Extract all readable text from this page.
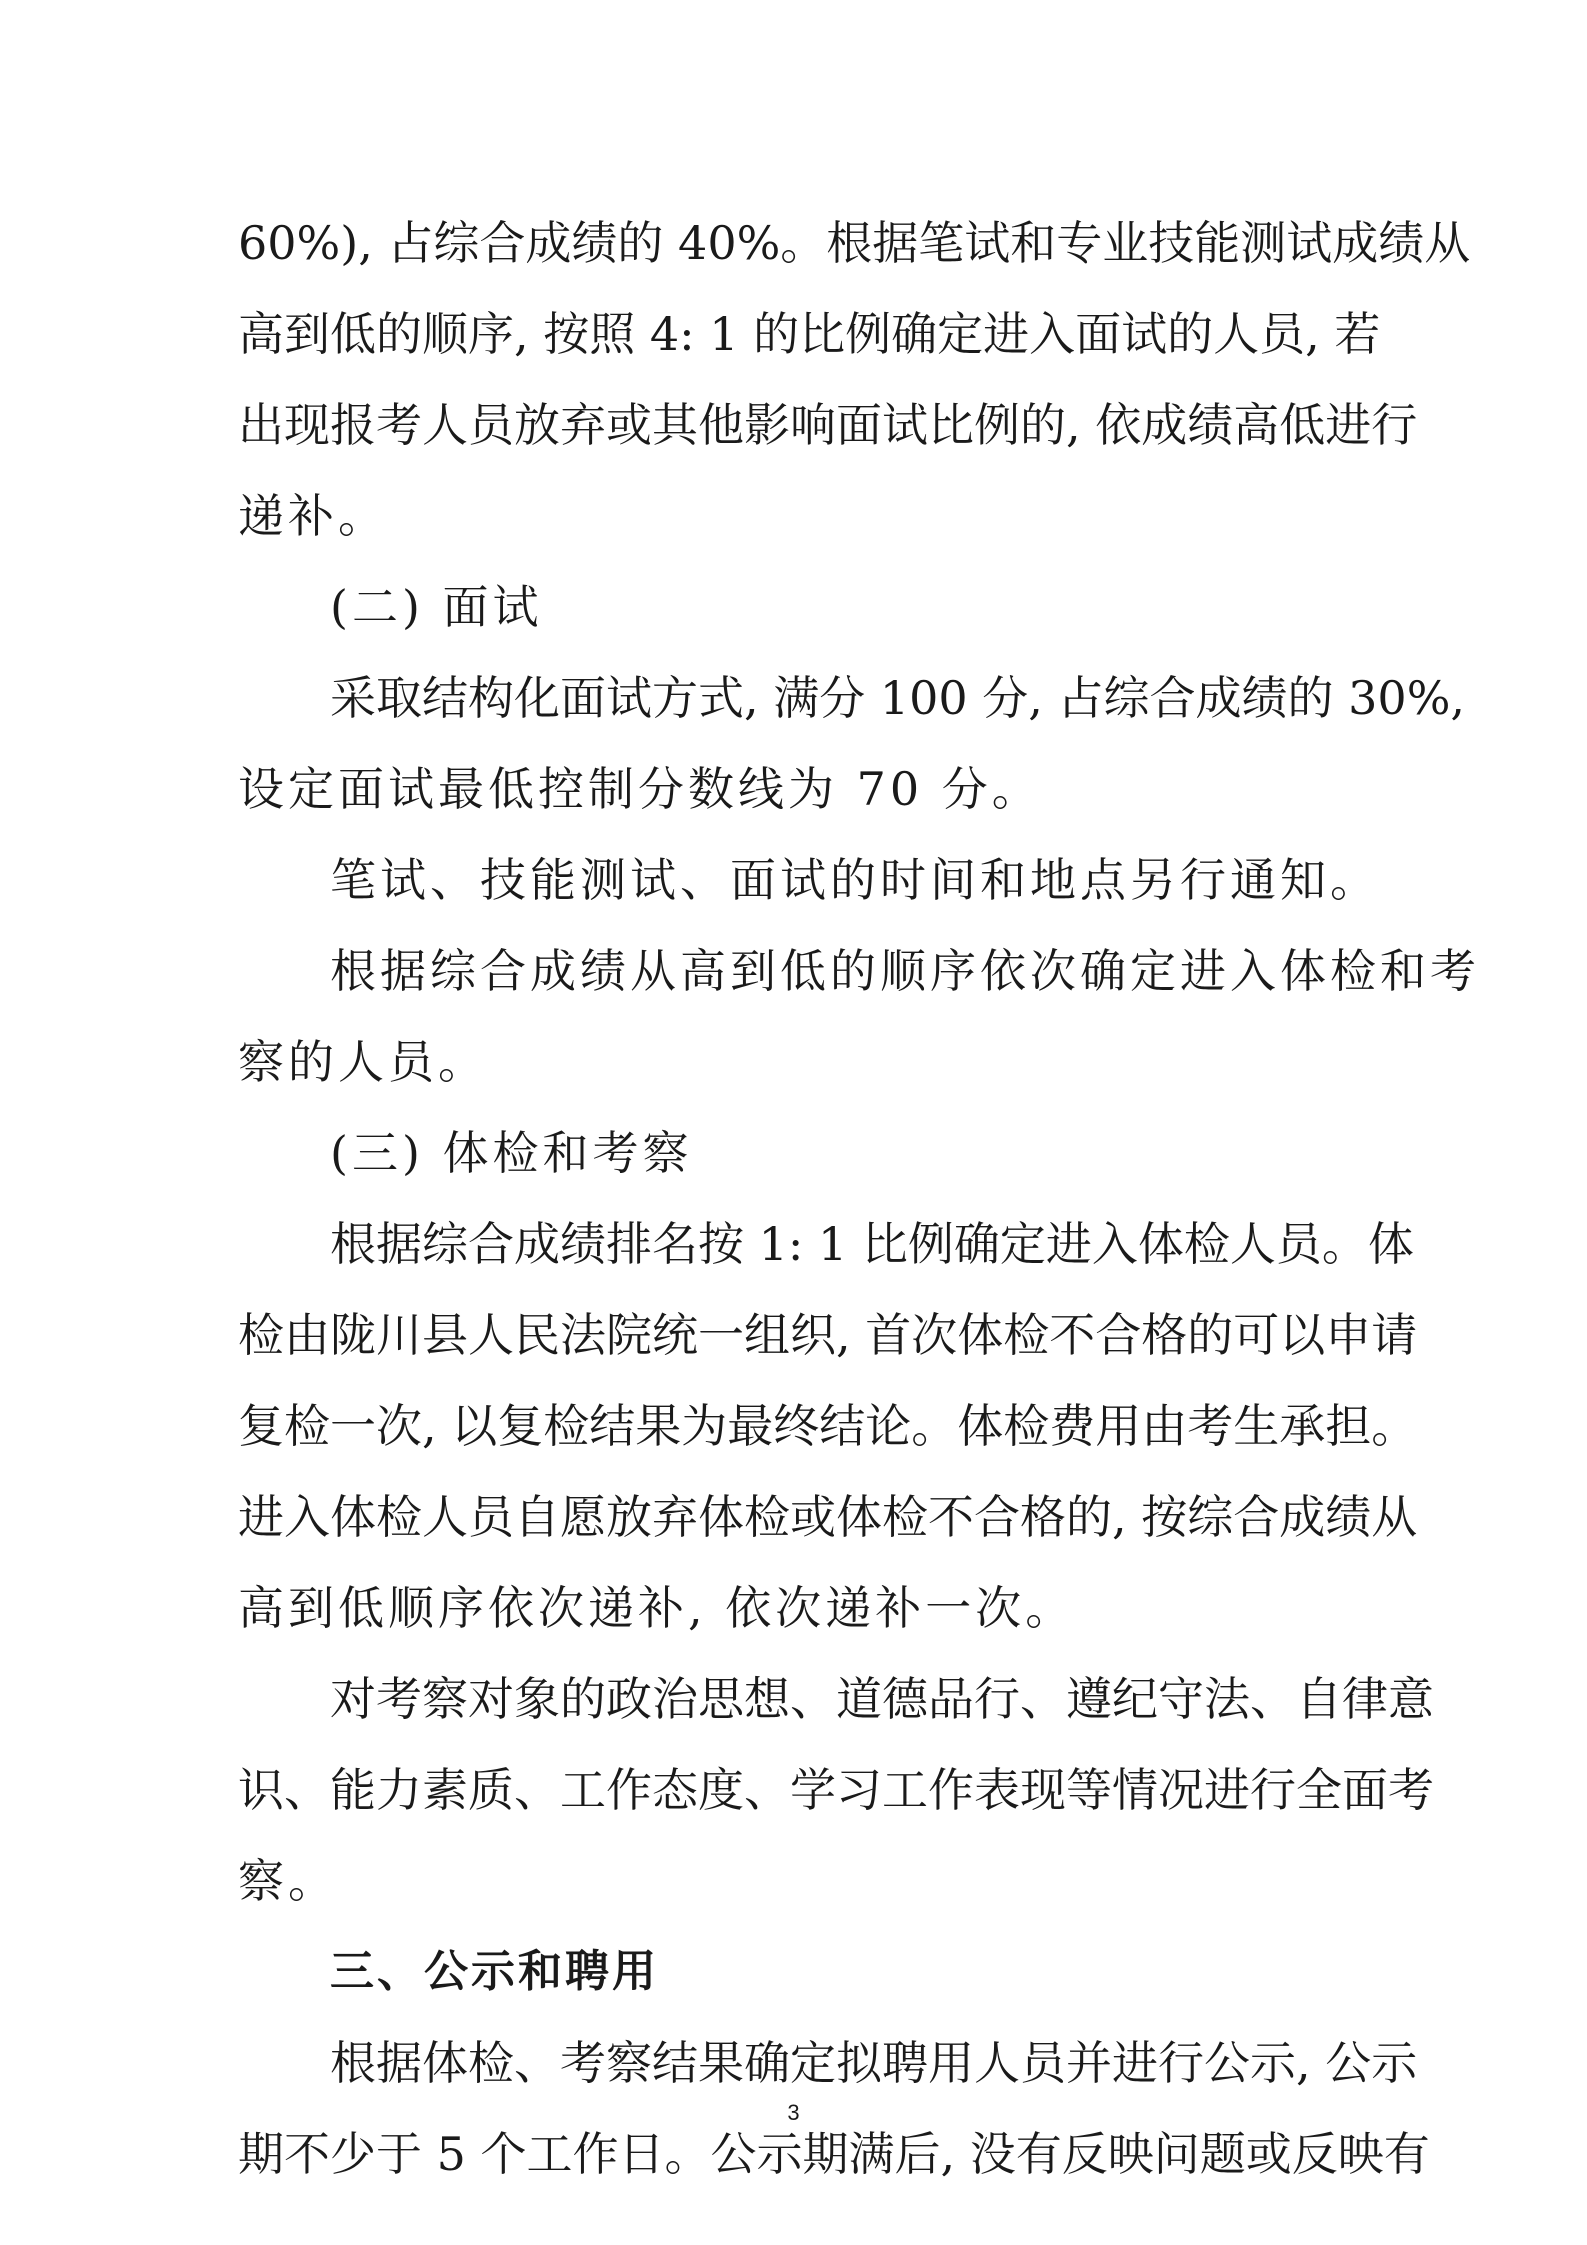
60%), 占综合成绩的 40%。根据笔试和专业技能测试成绩从
高到低的顺序, 按照 4: 1 的比例确定进入面试的人员, 若
出现报考人员放弃或其他影响面试比例的, 依成绩高低进行
递补。
(二) 面试
采取结构化面试方式, 满分 100 分, 占综合成绩的 30%,
设定面试最低控制分数线为 70 分。
笔试、技能测试、面试的时间和地点另行通知。
根据综合成绩从高到低的顺序依次确定进入体检和考
察的人员。
(三) 体检和考察
根据综合成绩排名按 1: 1 比例确定进入体检人员。体
检由陇川县人民法院统一组织, 首次体检不合格的可以申请
复检一次, 以复检结果为最终结论。体检费用由考生承担。
进入体检人员自愿放弃体检或体检不合格的, 按综合成绩从
高到低顺序依次递补, 依次递补一次。
对考察对象的政治思想、道德品行、遵纪守法、自律意
识、能力素质、工作态度、学习工作表现等情况进行全面考
察。
三、公示和聘用
根据体检、考察结果确定拟聘用人员并进行公示, 公示
期不少于 5 个工作日。公示期满后, 没有反映问题或反映有
3
